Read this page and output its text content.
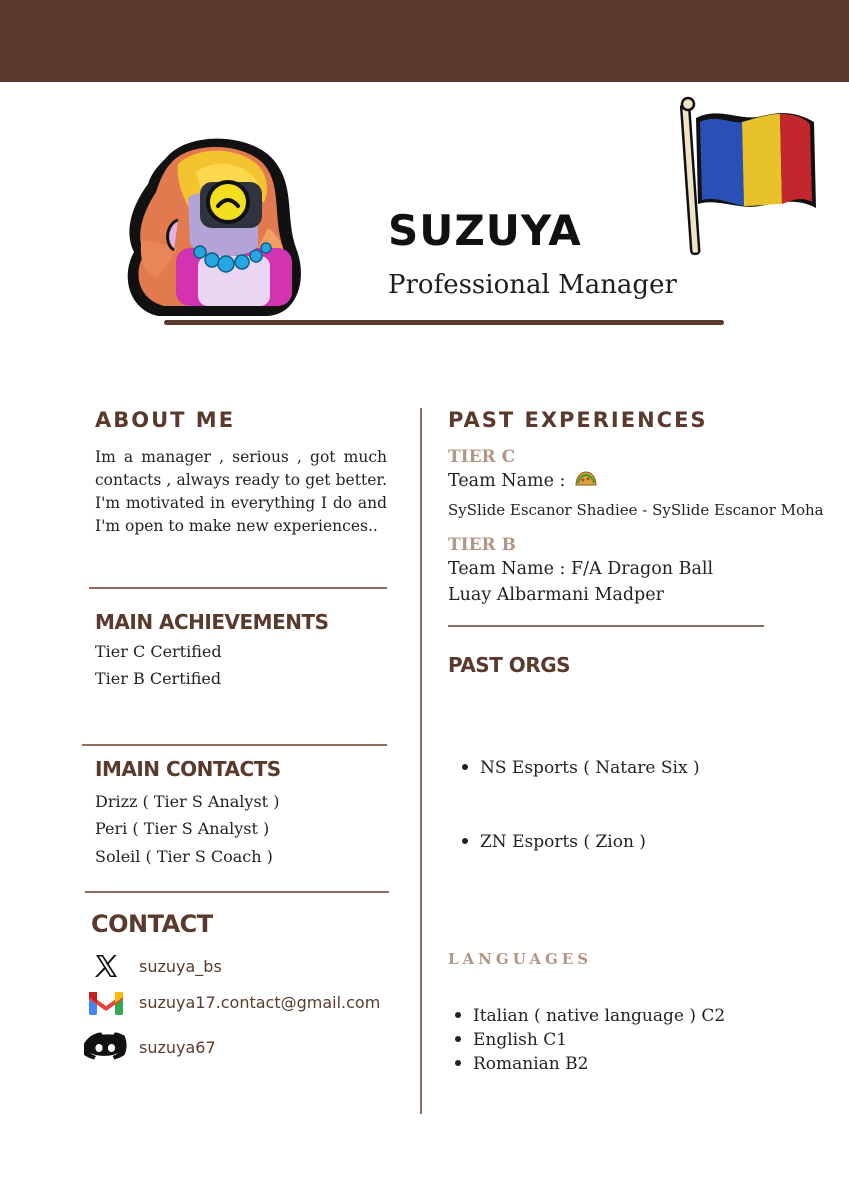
SUZUYA
Professional Manager
ABOUT ME
Im a manager , serious , got much contacts , always ready to get better. I'm motivated in everything I do and I'm open to make new experiences..
MAIN ACHIEVEMENTS
Tier C Certified
Tier B Certified
IMAIN CONTACTS
Drizz ( Tier S Analyst )
Peri ( Tier S Analyst )
Soleil ( Tier S Coach )
CONTACT
suzuya_bs
suzuya17.contact@gmail.com
suzuya67
PAST EXPERIENCES
TIER C
Team Name :
SySlide Escanor Shadiee - SySlide Escanor Moha
TIER B
Team Name : F/A Dragon Ball
Luay Albarmani Madper
PAST ORGS
NS Esports ( Natare Six )
ZN Esports ( Zion )
LANGUAGES
Italian ( native language ) C2
English C1
Romanian B2
